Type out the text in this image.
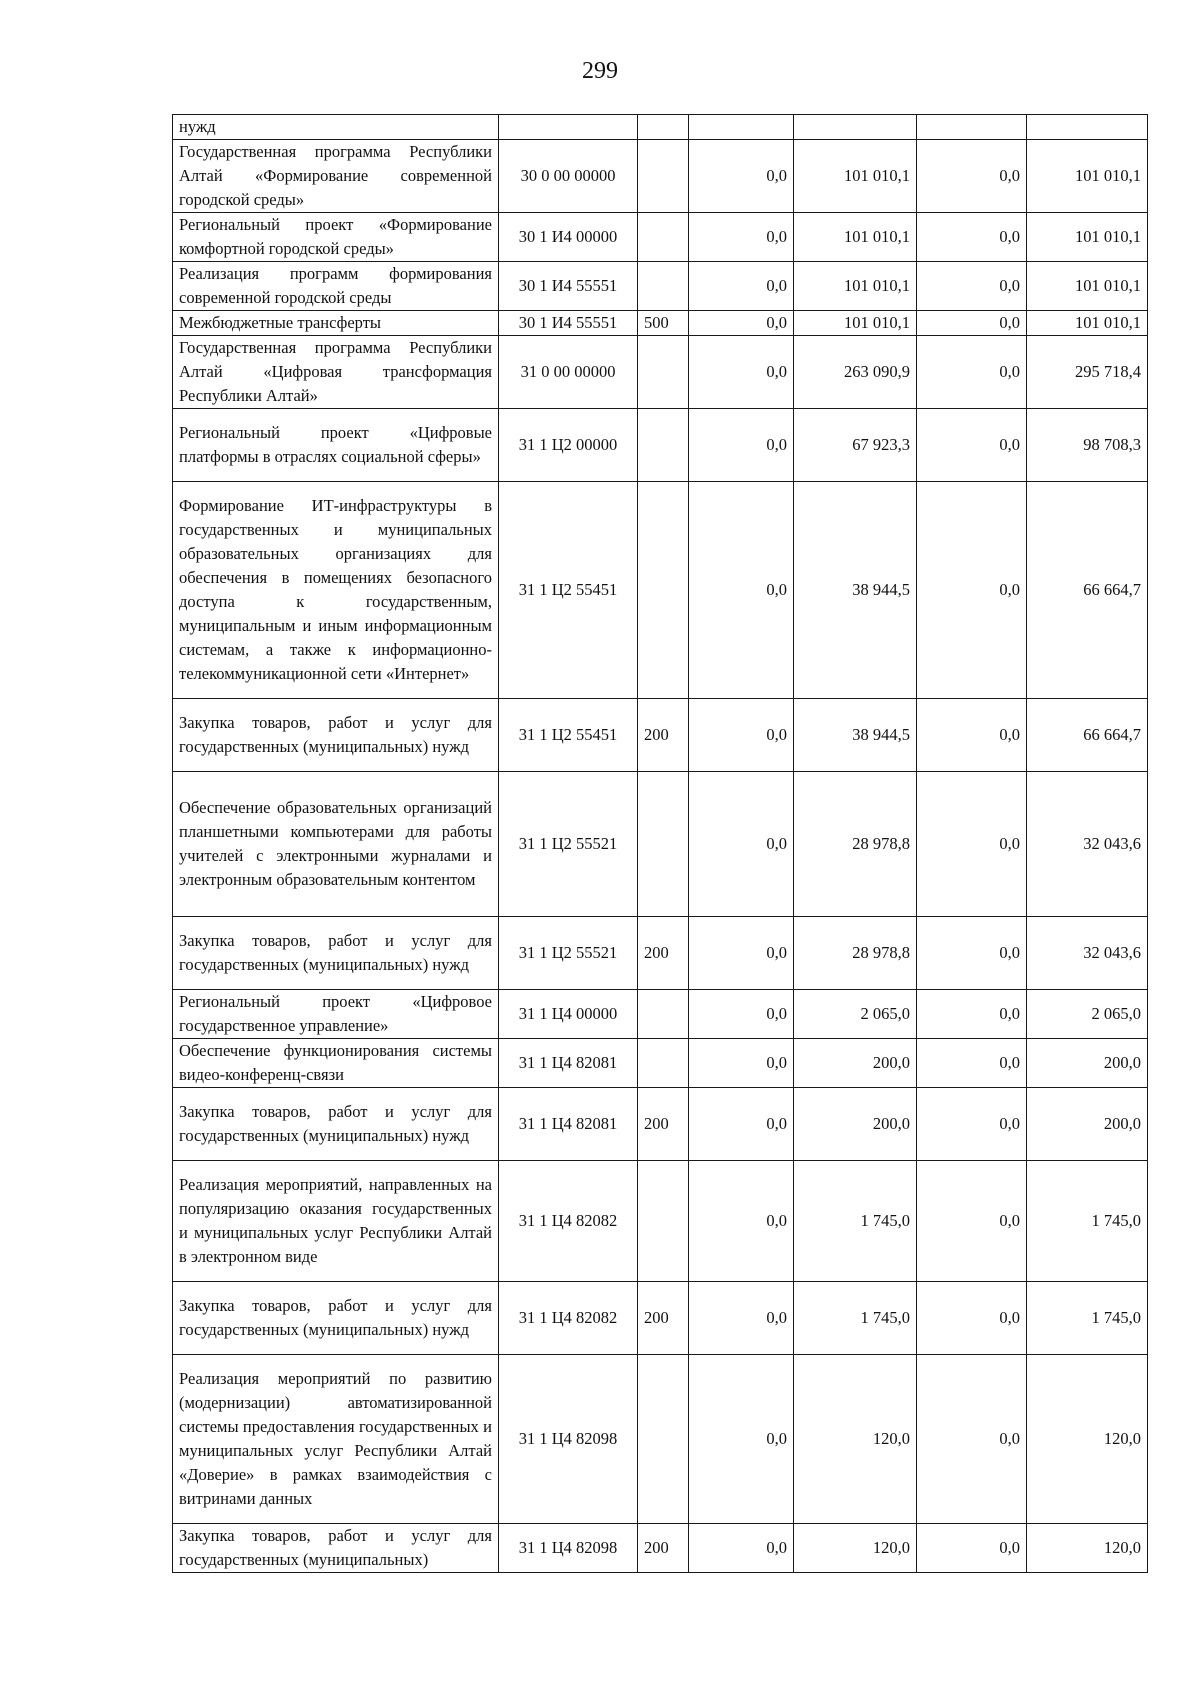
299
нужд						
Государственная программа Республики Алтай «Формирование современной городской среды»	30 0 00 00000		0,0	101 010,1	0,0	101 010,1
Региональный проект «Формирование комфортной городской среды»	30 1 И4 00000		0,0	101 010,1	0,0	101 010,1
Реализация программ формирования современной городской среды	30 1 И4 55551		0,0	101 010,1	0,0	101 010,1
Межбюджетные трансферты	30 1 И4 55551	500	0,0	101 010,1	0,0	101 010,1
Государственная программа Республики Алтай «Цифровая трансформация Республики Алтай»	31 0 00 00000		0,0	263 090,9	0,0	295 718,4
Региональный проект «Цифровые платформы в отраслях социальной сферы»	31 1 Ц2 00000		0,0	67 923,3	0,0	98 708,3
Формирование ИТ-инфраструктуры в государственных и муниципальных образовательных организациях для обеспечения в помещениях безопасного доступа к государственным, муниципальным и иным информационным системам, а также к информационно-телекоммуникационной сети «Интернет»	31 1 Ц2 55451		0,0	38 944,5	0,0	66 664,7
Закупка товаров, работ и услуг для государственных (муниципальных) нужд	31 1 Ц2 55451	200	0,0	38 944,5	0,0	66 664,7
Обеспечение образовательных организаций планшетными компьютерами для работы учителей с электронными журналами и электронным образовательным контентом	31 1 Ц2 55521		0,0	28 978,8	0,0	32 043,6
Закупка товаров, работ и услуг для государственных (муниципальных) нужд	31 1 Ц2 55521	200	0,0	28 978,8	0,0	32 043,6
Региональный проект «Цифровое государственное управление»	31 1 Ц4 00000		0,0	2 065,0	0,0	2 065,0
Обеспечение функционирования системы видео-конференц-связи	31 1 Ц4 82081		0,0	200,0	0,0	200,0
Закупка товаров, работ и услуг для государственных (муниципальных) нужд	31 1 Ц4 82081	200	0,0	200,0	0,0	200,0
Реализация мероприятий, направленных на популяризацию оказания государственных и муниципальных услуг Республики Алтай в электронном виде	31 1 Ц4 82082		0,0	1 745,0	0,0	1 745,0
Закупка товаров, работ и услуг для государственных (муниципальных) нужд	31 1 Ц4 82082	200	0,0	1 745,0	0,0	1 745,0
Реализация мероприятий по развитию (модернизации) автоматизированной системы предоставления государственных и муниципальных услуг Республики Алтай «Доверие» в рамках взаимодействия с витринами данных	31 1 Ц4 82098		0,0	120,0	0,0	120,0
Закупка товаров, работ и услуг для государственных (муниципальных)	31 1 Ц4 82098	200	0,0	120,0	0,0	120,0
